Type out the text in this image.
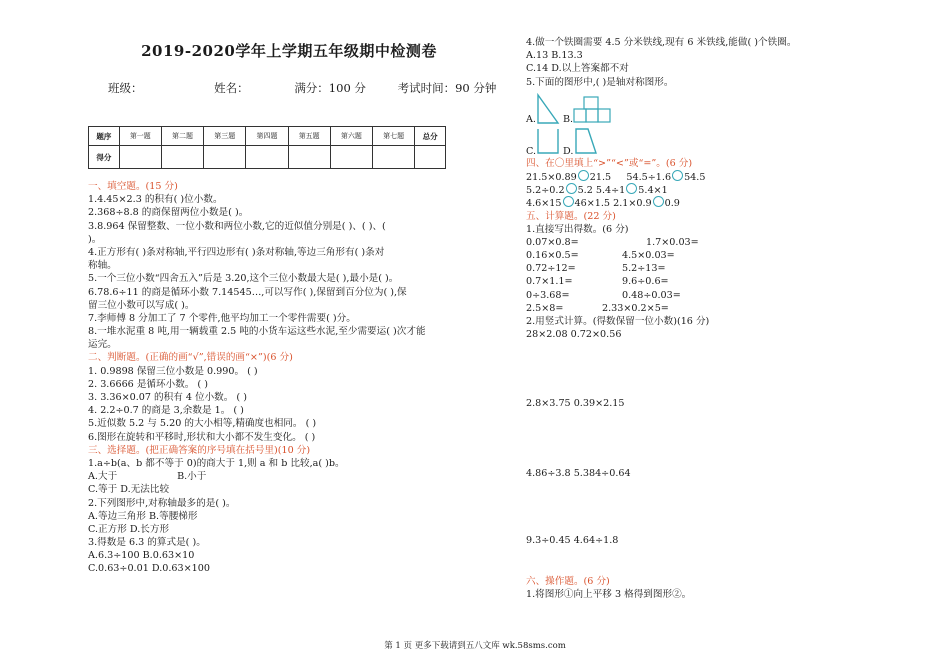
2019-2020学年上学期五年级期中检测卷
班级：	姓名：	满分：100 分	考试时间：90 分钟
题序	第一题	第二题	第三题	第四题	第五题	第六题	第七题	总分
得分								
一、填空题。(15 分)
1.4.45×2.3 的积有( )位小数。
2.368÷8.8 的商保留两位小数是( )。
3.8.964 保留整数、一位小数和两位小数,它的近似值分别是( )、( )、(
)。
4.正方形有( )条对称轴,平行四边形有( )条对称轴,等边三角形有( )条对
称轴。
5.一个三位小数“四舍五入”后是 3.20,这个三位小数最大是( ),最小是( )。
6.78.6÷11 的商是循环小数 7.14545…,可以写作( ),保留到百分位为( ),保
留三位小数可以写成( )。
7.李师傅 8 分加工了 7 个零件,他平均加工一个零件需要( )分。
8.一堆水泥重 8 吨,用一辆载重 2.5 吨的小货车运这些水泥,至少需要运( )次才能
运完。
二、判断题。(正确的画“√”,错误的画“×”)(6 分)
1. 0.9898 保留三位小数是 0.990。 ( )
2. 3.6666 是循环小数。 ( )
3. 3.36×0.07 的积有 4 位小数。 ( )
4. 2.2÷0.7 的商是 3,余数是 1。 ( )
5.近似数 5.2 与 5.20 的大小相等,精确度也相同。 ( )
6.图形在旋转和平移时,形状和大小都不发生变化。 ( )
三、选择题。(把正确答案的序号填在括号里)(10 分)
1.a÷b(a、b 都不等于 0)的商大于 1,则 a 和 b 比较,a( )b。
A.大于	B.小于
C.等于 D.无法比较
2.下列图形中,对称轴最多的是( )。
A.等边三角形 B.等腰梯形
C.正方形 D.长方形
3.得数是 6.3 的算式是( )。
A.6.3÷100 B.0.63×10
C.0.63÷0.01 D.0.63×100
4.做一个铁圈需要 4.5 分米铁线,现有 6 米铁线,能做( )个铁圈。
A.13 B.13.3
C.14 D.以上答案都不对
5.下面的图形中,( )是轴对称图形。
A.	B.
C.	D.
四、在〇里填上“>”“<”或“=”。(6 分)
21.5×0.89 21.5 54.5÷1.6 54.5
5.2÷0.2 5.2 5.4÷1 5.4×1
4.6×15 46×1.5 2.1×0.9 0.9
五、计算题。(22 分)
1.直接写出得数。(6 分)
0.07×0.8=	1.7×0.03=
0.16×0.5=	4.5×0.03=
0.72÷12=	5.2÷13=
0.7×1.1=	9.6÷0.6=
0÷3.68=	0.48÷0.03=
2.5×8=	2.33×0.2×5=
2.用竖式计算。(得数保留一位小数)(16 分)
28×2.08 0.72×0.56
2.8×3.75 0.39×2.15
4.86÷3.8 5.384÷0.64
9.3÷0.45 4.64÷1.8
六、操作题。(6 分)
1.将图形①向上平移 3 格得到图形②。
第 1 页 更多下载请到五八文库 wk.58sms.com
